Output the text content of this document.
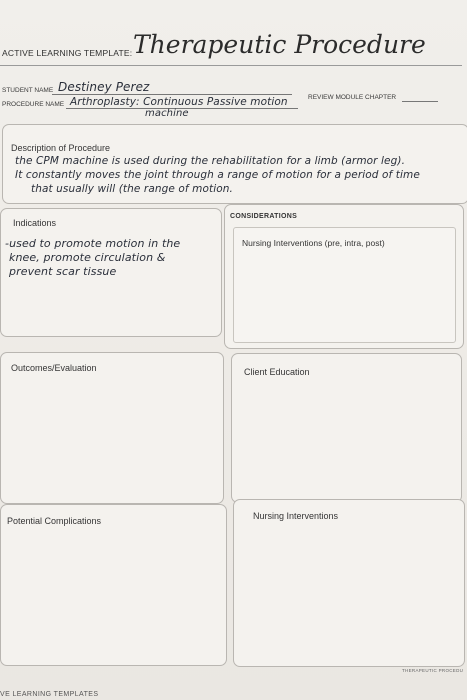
ACTIVE LEARNING TEMPLATE: Therapeutic Procedure
STUDENT NAME Destiney Perez
PROCEDURE NAME Arthroplasty: Continuous Passive motion
machine
REVIEW MODULE CHAPTER
Description of Procedure
the CPM machine is used during the rehabilitation for a limb (armor leg).
It constantly moves the joint through a range of motion for a period of time
that usually will (the range of motion.
Indications
-used to promote motion in the
knee, promote circulation &
prevent scar tissue
CONSIDERATIONS
Nursing Interventions (pre, intra, post)
Outcomes/Evaluation	Client Education
Potential Complications	Nursing Interventions
THERAPEUTIC PROCEDU
VE LEARNING TEMPLATES
